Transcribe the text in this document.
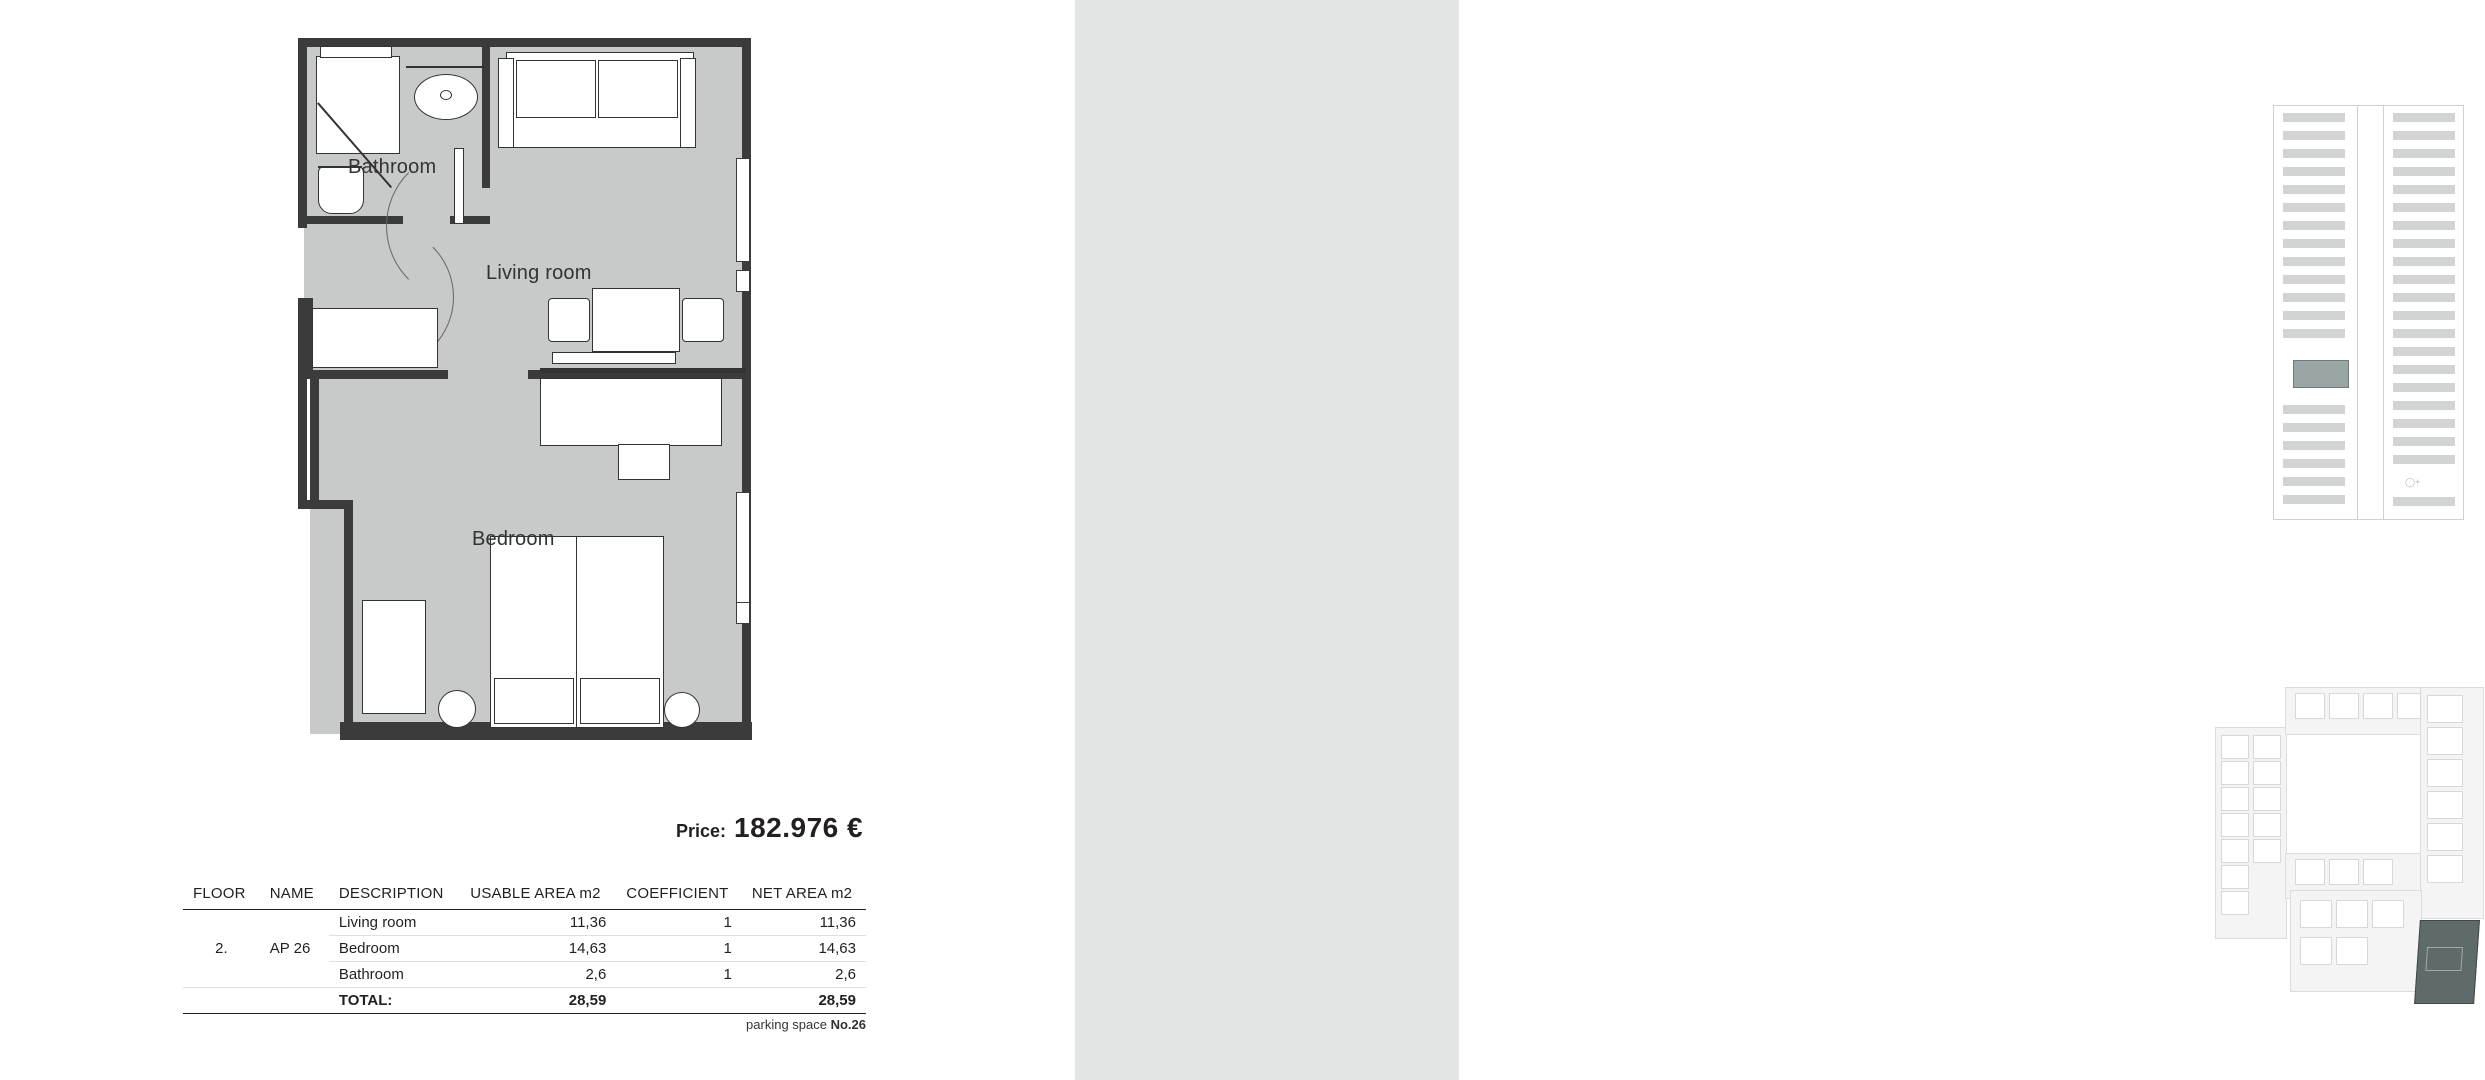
◯+
Bathroom
Living room
Bedroom
Price: 182.976 €
FLOOR	NAME	DESCRIPTION	USABLE AREA m2	COEFFICIENT	NET AREA m2
2.	AP 26	Living room	11,36	1	11,36
		Bedroom	14,63	1	14,63
		Bathroom	2,6	1	2,6
		TOTAL:	28,59		28,59
parking space No.26
